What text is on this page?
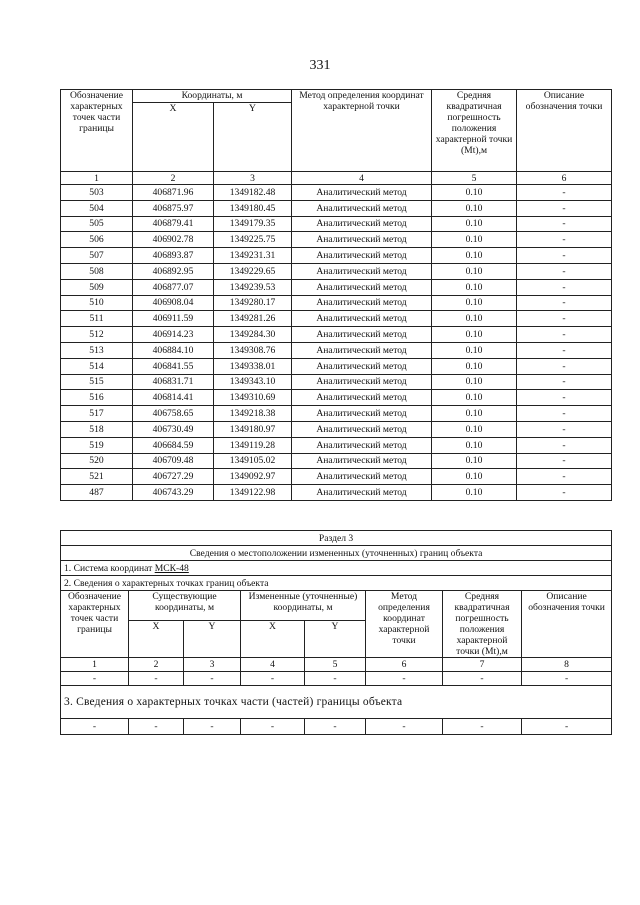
331
Обозначение характерных точек части границы	Координаты, м		Метод определения координат характерной точки	Средняя квадратичная погрешность положения характерной точки (Mt),м	Описание обозначения точки
	X	Y			
1	2	3	4	5	6
503	406871.96	1349182.48	Аналитический метод	0.10	-
504	406875.97	1349180.45	Аналитический метод	0.10	-
505	406879.41	1349179.35	Аналитический метод	0.10	-
506	406902.78	1349225.75	Аналитический метод	0.10	-
507	406893.87	1349231.31	Аналитический метод	0.10	-
508	406892.95	1349229.65	Аналитический метод	0.10	-
509	406877.07	1349239.53	Аналитический метод	0.10	-
510	406908.04	1349280.17	Аналитический метод	0.10	-
511	406911.59	1349281.26	Аналитический метод	0.10	-
512	406914.23	1349284.30	Аналитический метод	0.10	-
513	406884.10	1349308.76	Аналитический метод	0.10	-
514	406841.55	1349338.01	Аналитический метод	0.10	-
515	406831.71	1349343.10	Аналитический метод	0.10	-
516	406814.41	1349310.69	Аналитический метод	0.10	-
517	406758.65	1349218.38	Аналитический метод	0.10	-
518	406730.49	1349180.97	Аналитический метод	0.10	-
519	406684.59	1349119.28	Аналитический метод	0.10	-
520	406709.48	1349105.02	Аналитический метод	0.10	-
521	406727.29	1349092.97	Аналитический метод	0.10	-
487	406743.29	1349122.98	Аналитический метод	0.10	-
Раздел 3							
Сведения о местоположении измененных (уточненных) границ объекта							
1. Система координат МСК-48							
2. Сведения о характерных точках границ объекта							
Обозначение характерных точек части границы	Существующие координаты, м		Измененные (уточненные) координаты, м		Метод определения координат характерной точки	Средняя квадратичная погрешность положения характерной точки (Mt),м	Описание обозначения точки
	X	Y	X	Y			
1	2	3	4	5	6	7	8
-	-	-	-	-	-	-	-
3. Сведения о характерных точках части (частей) границы объекта							
-	-	-	-	-	-	-	-
